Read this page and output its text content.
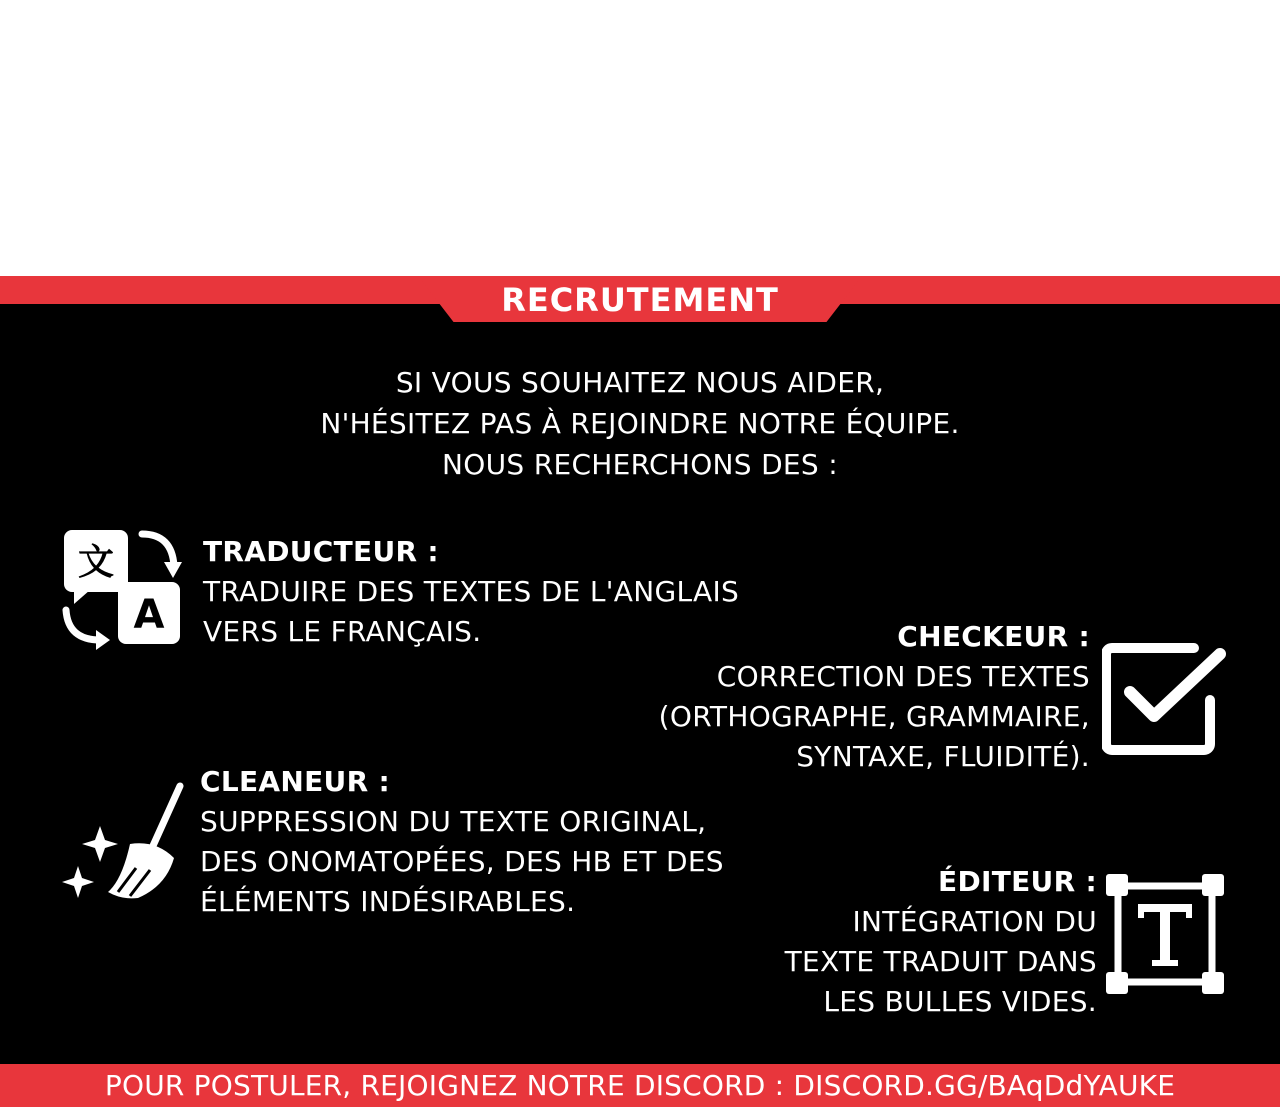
RECRUTEMENT
SI VOUS SOUHAITEZ NOUS AIDER,
N'HÉSITEZ PAS À REJOINDRE NOTRE ÉQUIPE.
NOUS RECHERCHONS DES :
文
A
TRADUCTEUR :
TRADUIRE DES TEXTES DE L'ANGLAIS
VERS LE FRANÇAIS.	CHECKEUR :
CORRECTION DES TEXTES
(ORTHOGRAPHE, GRAMMAIRE,
SYNTAXE, FLUIDITÉ).
CLEANEUR :
SUPPRESSION DU TEXTE ORIGINAL,
DES ONOMATOPÉES, DES HB ET DES
ÉLÉMENTS INDÉSIRABLES.
ÉDITEUR :
INTÉGRATION DU
TEXTE TRADUIT DANS
LES BULLES VIDES.
POUR POSTULER, REJOIGNEZ NOTRE DISCORD : DISCORD.GG/BAqDdYAUKE
